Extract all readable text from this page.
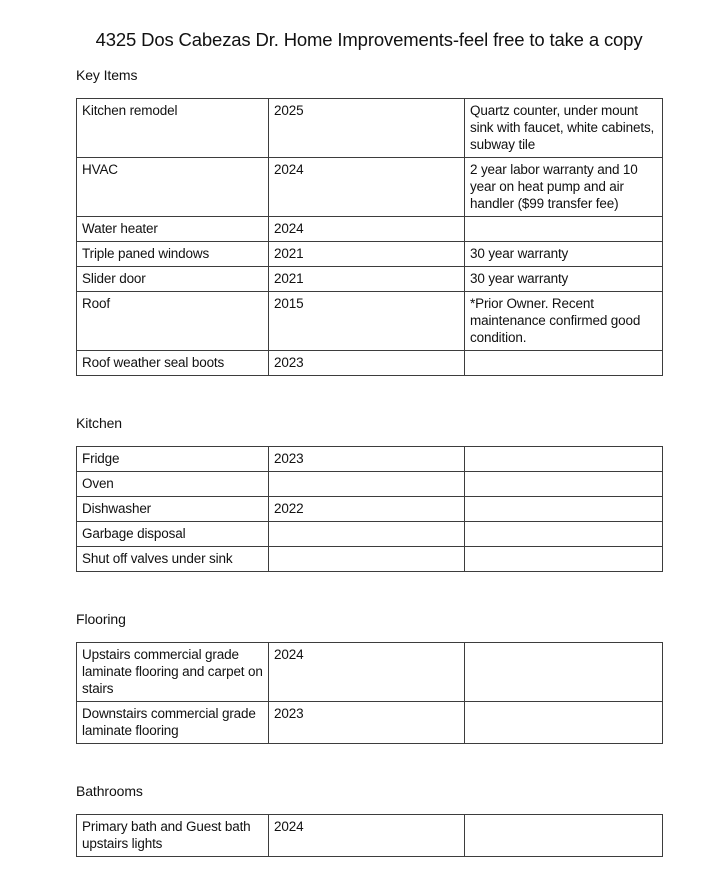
4325 Dos Cabezas Dr. Home Improvements-feel free to take a copy
Key Items
Kitchen remodel	2025	Quartz counter, under mount sink with faucet, white cabinets, subway tile
HVAC	2024	2 year labor warranty and 10 year on heat pump and air handler ($99 transfer fee)
Water heater	2024	
Triple paned windows	2021	30 year warranty
Slider door	2021	30 year warranty
Roof	2015	*Prior Owner. Recent maintenance confirmed good condition.
Roof weather seal boots	2023	
Kitchen
Fridge	2023	
Oven		
Dishwasher	2022	
Garbage disposal		
Shut off valves under sink		
Flooring
Upstairs commercial grade laminate flooring and carpet on stairs	2024	
Downstairs commercial grade laminate flooring	2023	
Bathrooms
Primary bath and Guest bath upstairs lights	2024	
